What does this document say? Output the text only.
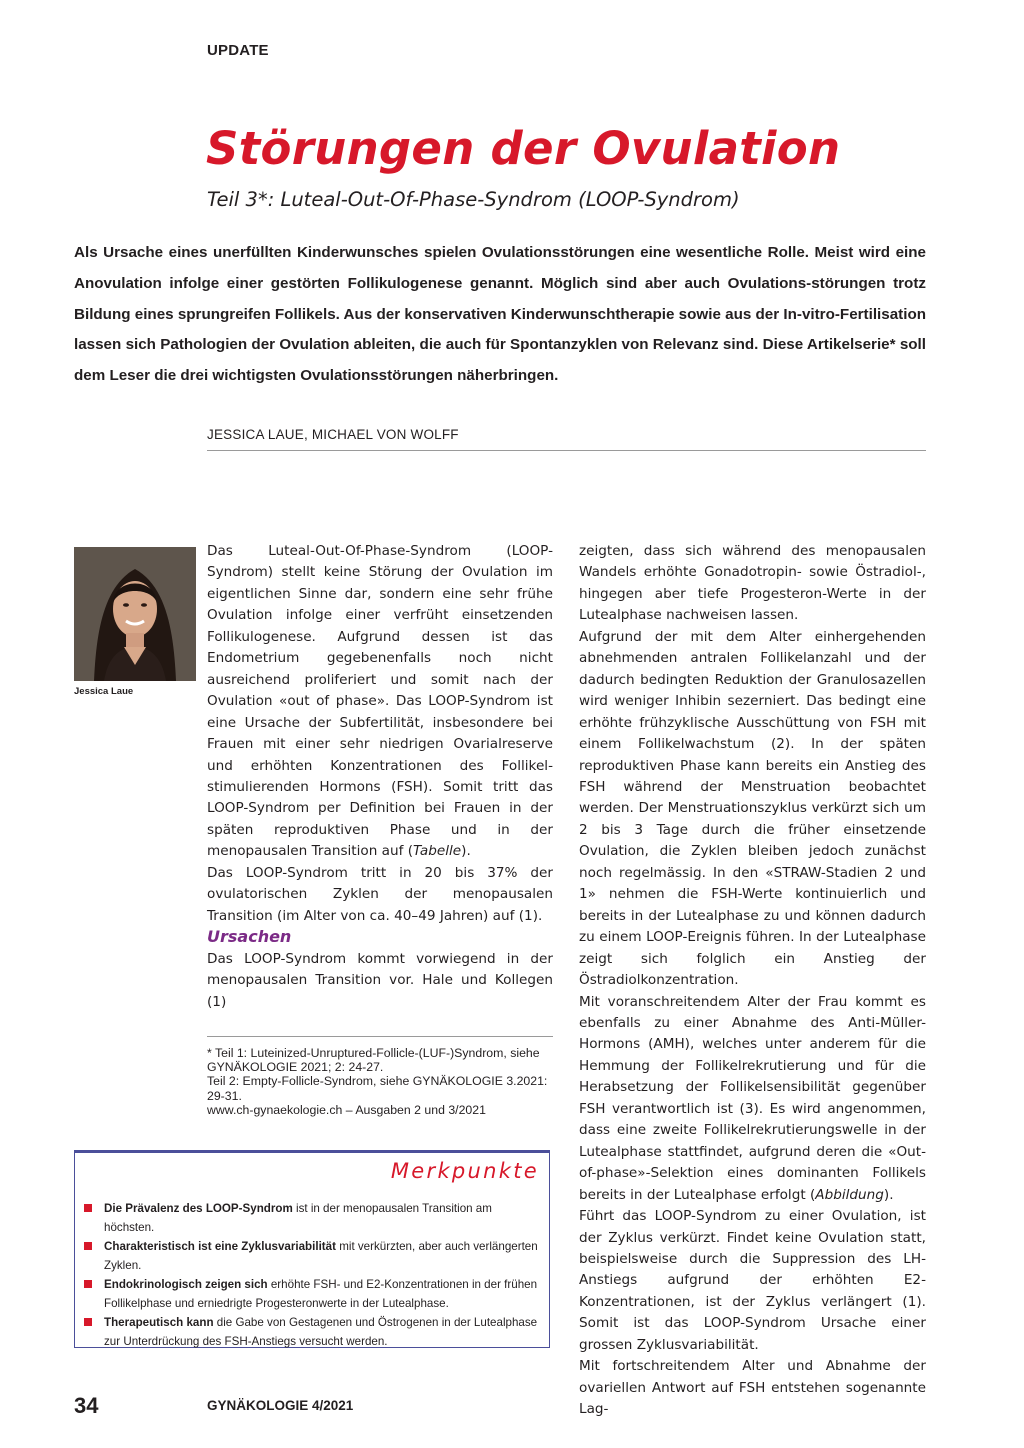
UPDATE
Störungen der Ovulation
Teil 3*: Luteal-Out-Of-Phase-Syndrom (LOOP-Syndrom)
Als Ursache eines unerfüllten Kinderwunsches spielen Ovulationsstörungen eine wesentliche Rolle. Meist wird eine Anovulation infolge einer gestörten Follikulogenese genannt. Möglich sind aber auch Ovulations-störungen trotz Bildung eines sprungreifen Follikels. Aus der konservativen Kinderwunschtherapie sowie aus der In-vitro-Fertilisation lassen sich Pathologien der Ovulation ableiten, die auch für Spontanzyklen von Relevanz sind. Diese Artikelserie* soll dem Leser die drei wichtigsten Ovulationsstörungen näherbringen.
JESSICA LAUE, MICHAEL VON WOLFF
Jessica Laue

Das Luteal-Out-Of-Phase-Syndrom (LOOP-Syndrom) stellt keine Störung der Ovulation im eigentlichen Sinne dar, sondern eine sehr frühe Ovulation infolge einer verfrüht einsetzenden Follikulogenese. Aufgrund dessen ist das Endometrium gegebenenfalls noch nicht ausreichend proliferiert und somit nach der Ovulation «out of phase». Das LOOP-Syndrom ist eine Ursache der Subfertilität, insbesondere bei Frauen mit einer sehr niedrigen Ovarialreserve und erhöhten Konzentrationen des Follikel-stimulierenden Hormons (FSH). Somit tritt das LOOP-Syndrom per Definition bei Frauen in der späten reproduktiven Phase und in der menopausalen Transition auf (Tabelle).

Das LOOP-Syndrom tritt in 20 bis 37% der ovulatorischen Zyklen der menopausalen Transition (im Alter von ca. 40–49 Jahren) auf (1).

Ursachen

Das LOOP-Syndrom kommt vorwiegend in der menopausalen Transition vor. Hale und Kollegen (1)

* Teil 1: Luteinized-Unruptured-Follicle-(LUF-)Syndrom, siehe GYNÄKOLOGIE 2021; 2: 24-27.

Teil 2: Empty-Follicle-Syndrom, siehe GYNÄKOLOGIE 3.2021: 29-31.

www.ch-gynaekologie.ch – Ausgaben 2 und 3/2021

Merkpunkte
Die Prävalenz des LOOP-Syndrom ist in der menopausalen Transition am höchsten.
Charakteristisch ist eine Zyklusvariabilität mit verkürzten, aber auch verlängerten Zyklen.
Endokrinologisch zeigen sich erhöhte FSH- und E2-Konzentrationen in der frühen Follikelphase und erniedrigte Progesteronwerte in der Lutealphase.
Therapeutisch kann die Gabe von Gestagenen und Östrogenen in der Lutealphase zur Unterdrückung des FSH-Anstiegs versucht werden.

zeigten, dass sich während des menopausalen Wandels erhöhte Gonadotropin- sowie Östradiol-, hingegen aber tiefe Progesteron-Werte in der Lutealphase nachweisen lassen.

Aufgrund der mit dem Alter einhergehenden abnehmenden antralen Follikelanzahl und der dadurch bedingten Reduktion der Granulosazellen wird weniger Inhibin sezerniert. Das bedingt eine erhöhte frühzyklische Ausschüttung von FSH mit einem Follikelwachstum (2). In der späten reproduktiven Phase kann bereits ein Anstieg des FSH während der Menstruation beobachtet werden. Der Menstruationszyklus verkürzt sich um 2 bis 3 Tage durch die früher einsetzende Ovulation, die Zyklen bleiben jedoch zunächst noch regelmässig. In den «STRAW-Stadien 2 und 1» nehmen die FSH-Werte kontinuierlich und bereits in der Lutealphase zu und können dadurch zu einem LOOP-Ereignis führen. In der Lutealphase zeigt sich folglich ein Anstieg der Östradiolkonzentration.

Mit voranschreitendem Alter der Frau kommt es ebenfalls zu einer Abnahme des Anti-Müller-Hormons (AMH), welches unter anderem für die Hemmung der Follikelrekrutierung und für die Herabsetzung der Follikelsensibilität gegenüber FSH verantwortlich ist (3). Es wird angenommen, dass eine zweite Follikelrekrutierungswelle in der Lutealphase stattfindet, aufgrund deren die «Out-of-phase»-Selektion eines dominanten Follikels bereits in der Lutealphase erfolgt (Abbildung).

Führt das LOOP-Syndrom zu einer Ovulation, ist der Zyklus verkürzt. Findet keine Ovulation statt, beispielsweise durch die Suppression des LH-Anstiegs aufgrund der erhöhten E2-Konzentrationen, ist der Zyklus verlängert (1). Somit ist das LOOP-Syndrom Ursache einer grossen Zyklusvariabilität.

Mit fortschreitendem Alter und Abnahme der ovariellen Antwort auf FSH entstehen sogenannte Lag-

34	GYNÄKOLOGIE 4/2021
